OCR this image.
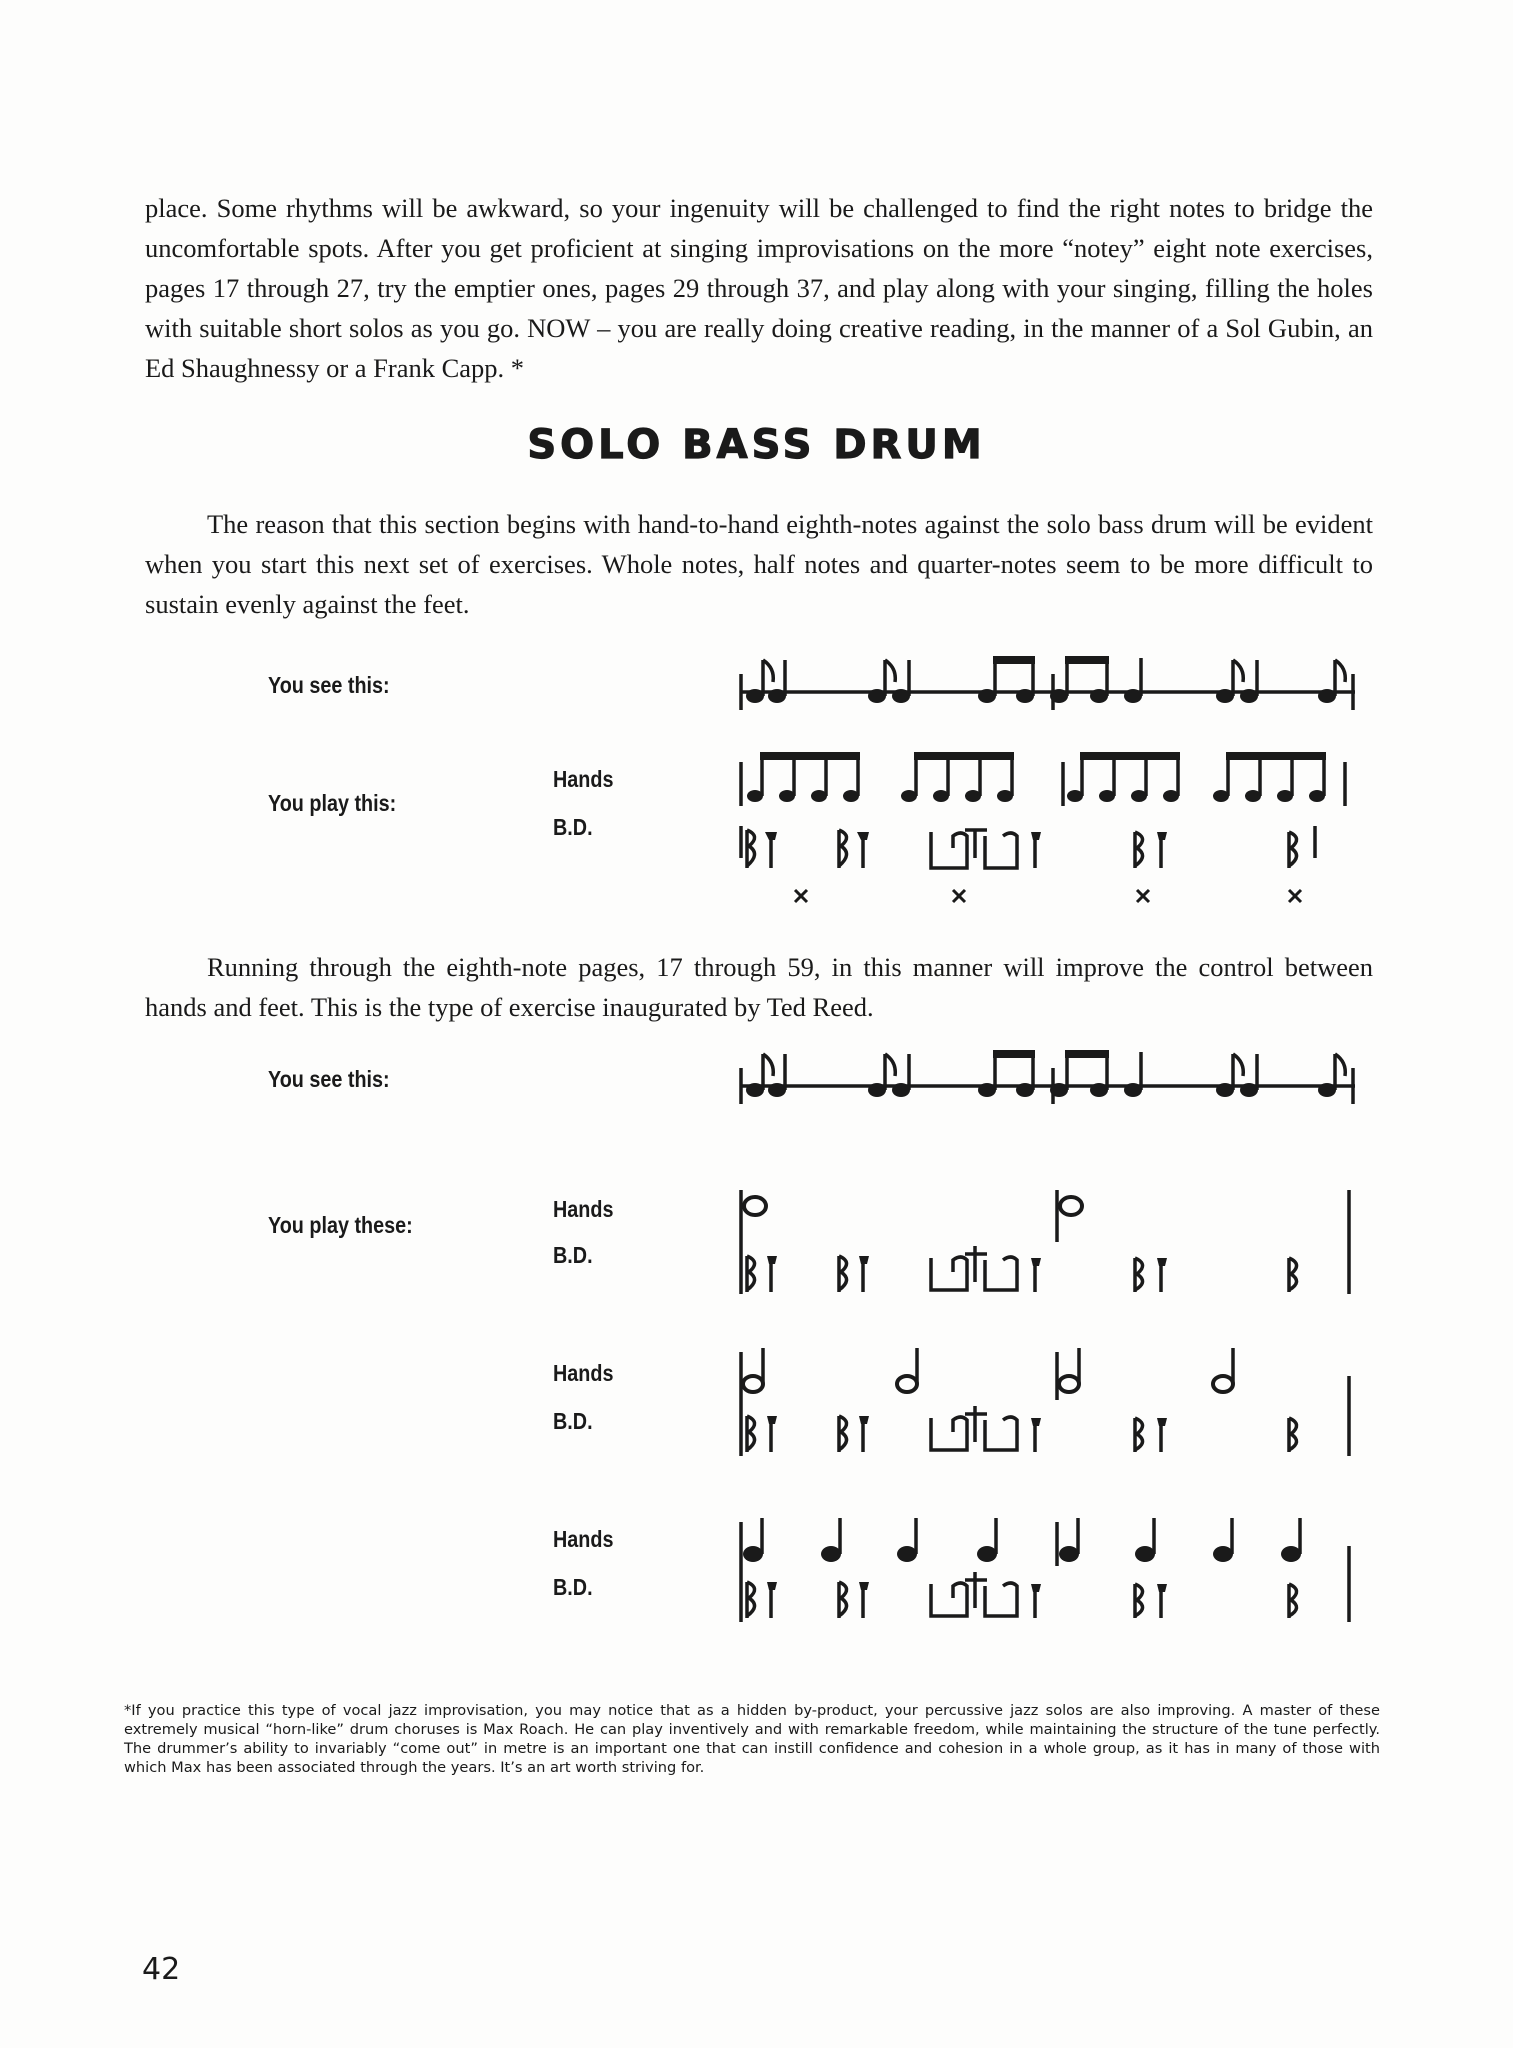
place. Some rhythms will be awkward, so your ingenuity will be challenged to find the right notes to bridge the uncomfortable spots. After you get proficient at singing improvisations on the more “notey” eight note exercises, pages 17 through 27, try the emptier ones, pages 29 through 37, and play along with your singing, filling the holes with suitable short solos as you go. NOW – you are really doing creative reading, in the manner of a Sol Gubin, an Ed Shaughnessy or a Frank Capp. *

SOLO BASS DRUM

The reason that this section begins with hand-to-hand eighth-notes against the solo bass drum will be evident when you start this next set of exercises. Whole notes, half notes and quarter-notes seem to be more difficult to sustain evenly against the feet.

You see this:
You play this:
Hands
B.D.

Running through the eighth-note pages, 17 through 59, in this manner will improve the control between hands and feet. This is the type of exercise inaugurated by Ted Reed.

You see this:
You play these:
Hands
B.D.
Hands
B.D.
Hands
B.D.

*If you practice this type of vocal jazz improvisation, you may notice that as a hidden by-product, your percussive jazz solos are also improving. A master of these extremely musical “horn-like” drum choruses is Max Roach. He can play inventively and with remarkable freedom, while maintaining the structure of the tune perfectly. The drummer’s ability to invariably “come out” in metre is an important one that can instill confidence and cohesion in a whole group, as it has in many of those with which Max has been associated through the years. It’s an art worth striving for.

42
